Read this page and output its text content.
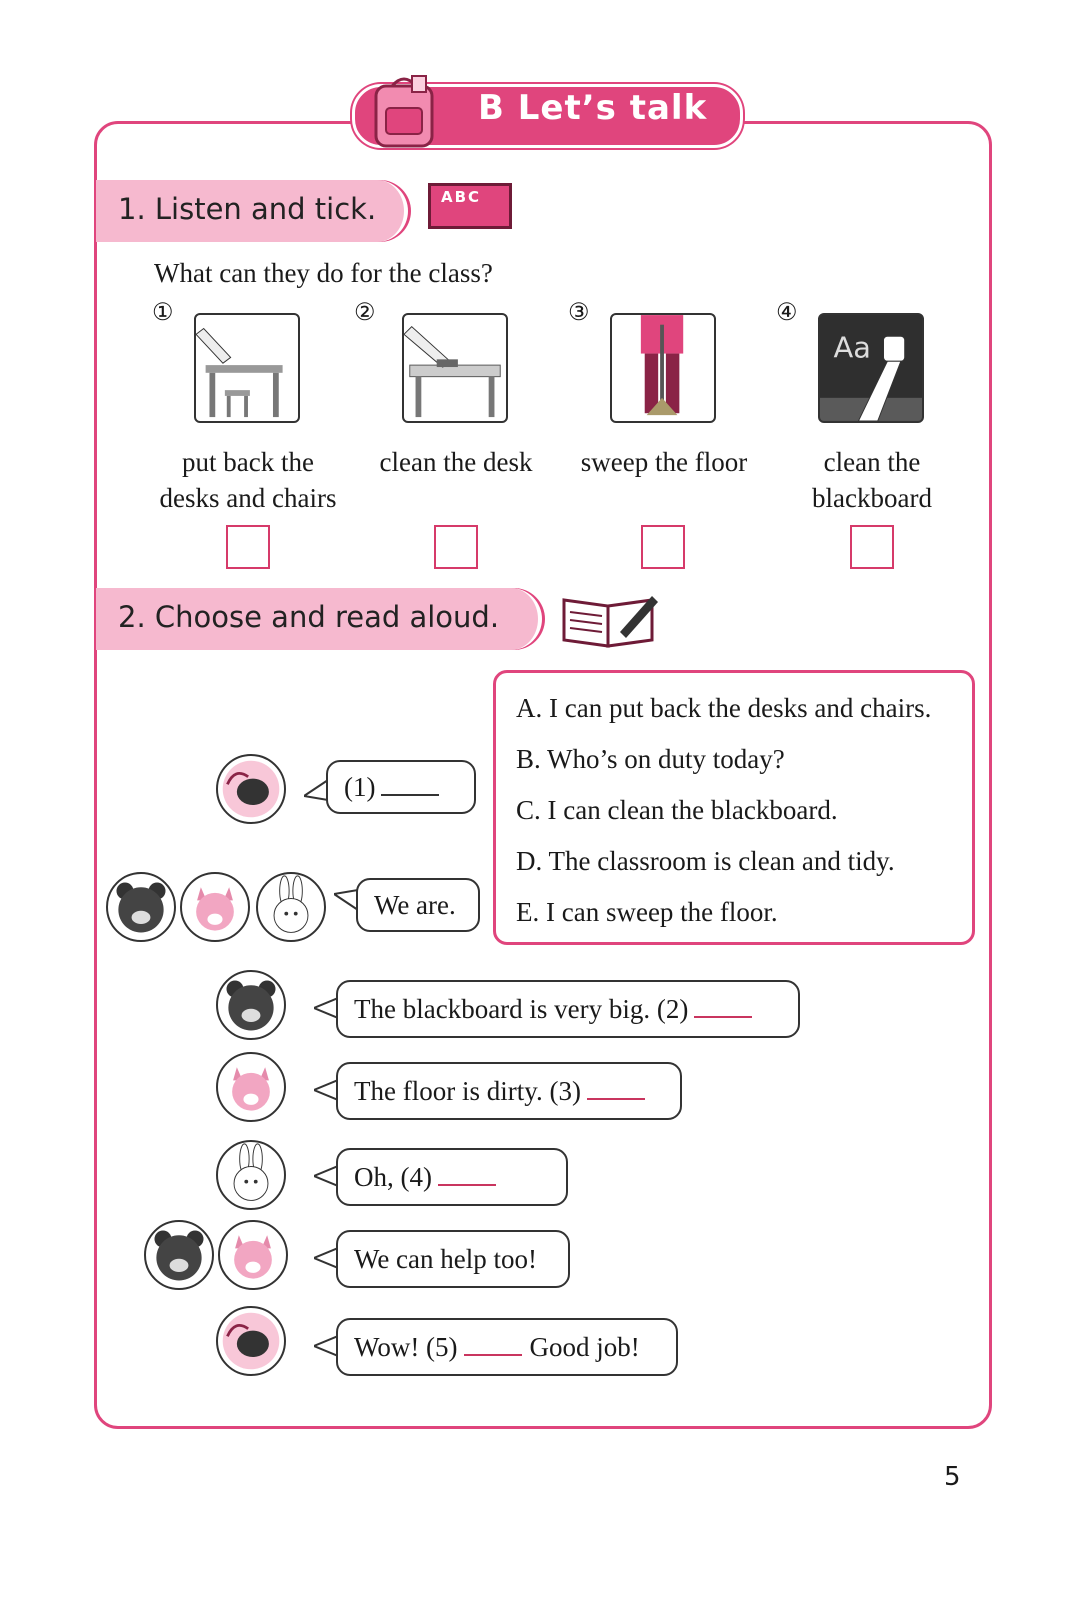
B Let’s talk
1. Listen and tick.	ABC
What can they do for the class?
①
put back the
desks and chairs
②
clean the desk
③
sweep the floor
④
Aa
clean the
blackboard
2. Choose and read aloud.
A. I can put back the desks and chairs.
B. Who’s on duty today?
C. I can clean the blackboard.
D. The classroom is clean and tidy.
E. I can sweep the floor.
(1)
We are.
The blackboard is very big. (2)
The floor is dirty. (3)
Oh, (4)
We can help too!
Wow! (5)	Good job!
5
